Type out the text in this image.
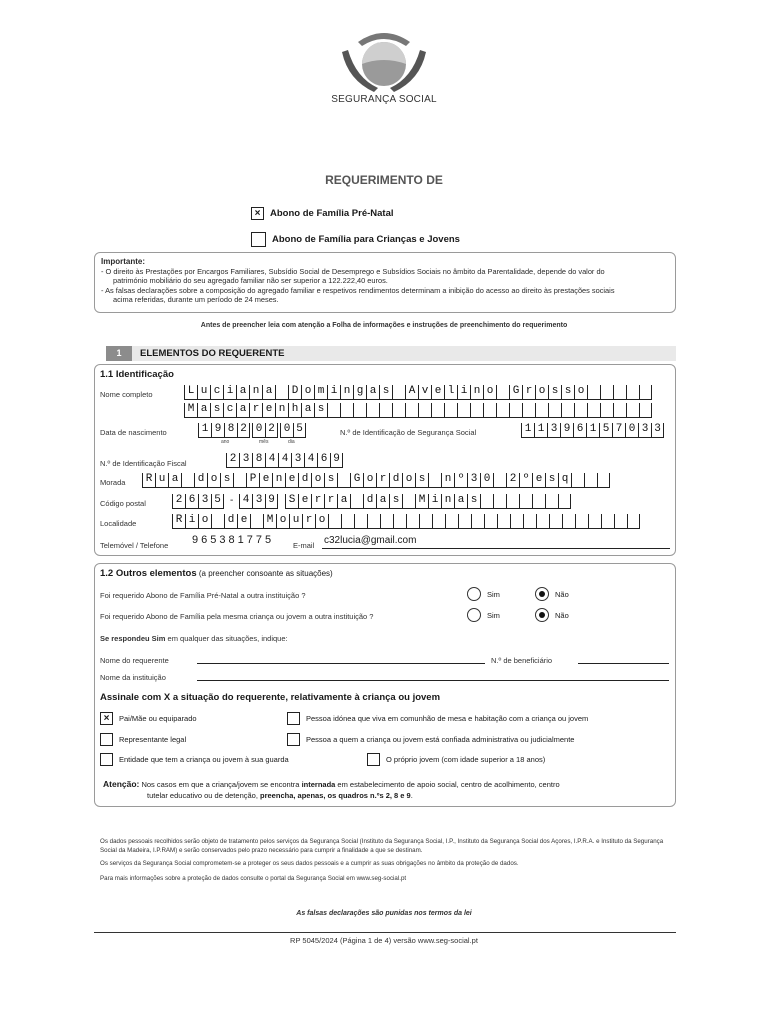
SEGURANÇA SOCIAL
REQUERIMENTO DE
×	Abono de Família Pré-Natal
Abono de Família para Crianças e Jovens
Importante:
- O direito às Prestações por Encargos Familiares, Subsídio Social de Desemprego e Subsídios Sociais no âmbito da Parentalidade, depende do valor do
património mobiliário do seu agregado familiar não ser superior a 122.222,40 euros.
- As falsas declarações sobre a composição do agregado familiar e respetivos rendimentos determinam a inibição do acesso ao direito às prestações sociais
acima referidas, durante um período de 24 meses.
Antes de preencher leia com atenção a Folha de informações e instruções de preenchimento do requerimento
1	ELEMENTOS DO REQUERENTE
1.1 Identificação
Nome completo	L u c i a n a	D o m i n g a s	A v e l i n o	G r o s s o
M a s c a r e n h a s
Data de nascimento	1 9 8 2 0 2 0 5
ano	mês	dia
N.º de Identificação de Segurança Social	1 1 3 9 6 1 5 7 0 3 3
N.º de Identificação Fiscal	2 3 8 4 4 3 4 6 9
Morada	R u a	d o s	P e n e d o s	G o r d o s	n º 3 0	2 º e s q
Código postal	2 6 3 5 - 4 3 9	S e r r a	d a s	M i n a s
Localidade	R i o	d e	M o u r o
Telemóvel / Telefone 965381775	E-mail c32lucia@gmail.com
1.2 Outros elementos (a preencher consoante as situações)
Foi requerido Abono de Família Pré-Natal a outra instituição ?	Sim	Não
Foi requerido Abono de Família pela mesma criança ou jovem a outra instituição ?	Sim	Não
Se respondeu Sim em qualquer das situações, indique:
Nome do requerente	N.º de beneficiário
Nome da instituição
Assinale com X a situação do requerente, relativamente à criança ou jovem
×	Pai/Mãe ou equiparado	Pessoa idónea que viva em comunhão de mesa e habitação com a criança ou jovem
Representante legal	Pessoa a quem a criança ou jovem está confiada administrativa ou judicialmente
Entidade que tem a criança ou jovem à sua guarda	O próprio jovem (com idade superior a 18 anos)
Atenção: Nos casos em que a criança/jovem se encontra internada em estabelecimento de apoio social, centro de acolhimento, centro
tutelar educativo ou de detenção, preencha, apenas, os quadros n.ºs 2, 8 e 9.
Os dados pessoais recolhidos serão objeto de tratamento pelos serviços da Segurança Social (Instituto da Segurança Social, I.P., Instituto da Segurança Social dos Açores, I.P.R.A. e Instituto da Segurança Social da Madeira, I.P.RAM) e serão conservados pelo prazo necessário para cumprir a finalidade a que se destinam.
Os serviços da Segurança Social comprometem-se a proteger os seus dados pessoais e a cumprir as suas obrigações no âmbito da proteção de dados.
Para mais informações sobre a proteção de dados consulte o portal da Segurança Social em www.seg-social.pt
As falsas declarações são punidas nos termos da lei
RP 5045/2024 (Página 1 de 4) versão www.seg-social.pt
